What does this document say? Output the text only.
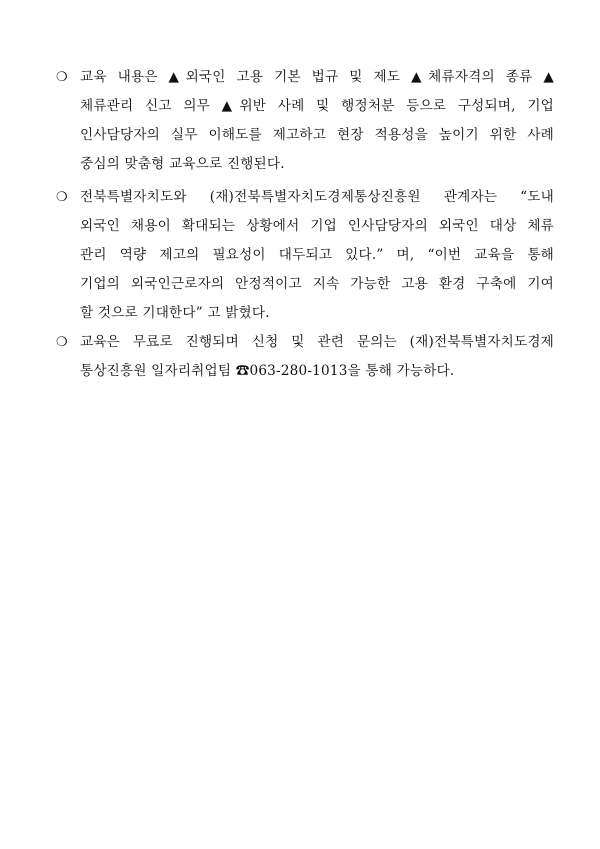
❍ 교육 내용은 ▲외국인 고용 기본 법규 및 제도 ▲체류자격의 종류 ▲
체류관리 신고 의무 ▲위반 사례 및 행정처분 등으로 구성되며, 기업
인사담당자의 실무 이해도를 제고하고 현장 적용성을 높이기 위한 사례
중심의 맞춤형 교육으로 진행된다.
❍ 전북특별자치도와 (재)전북특별자치도경제통상진흥원 관계자는 “도내
외국인 채용이 확대되는 상황에서 기업 인사담당자의 외국인 대상 체류
관리 역량 제고의 필요성이 대두되고 있다.” 며, “이번 교육을 통해
기업의 외국인근로자의 안정적이고 지속 가능한 고용 환경 구축에 기여
할 것으로 기대한다” 고 밝혔다.
❍ 교육은 무료로 진행되며 신청 및 관련 문의는 (재)전북특별자치도경제
통상진흥원 일자리취업팀 ☎063-280-1013을 통해 가능하다.
